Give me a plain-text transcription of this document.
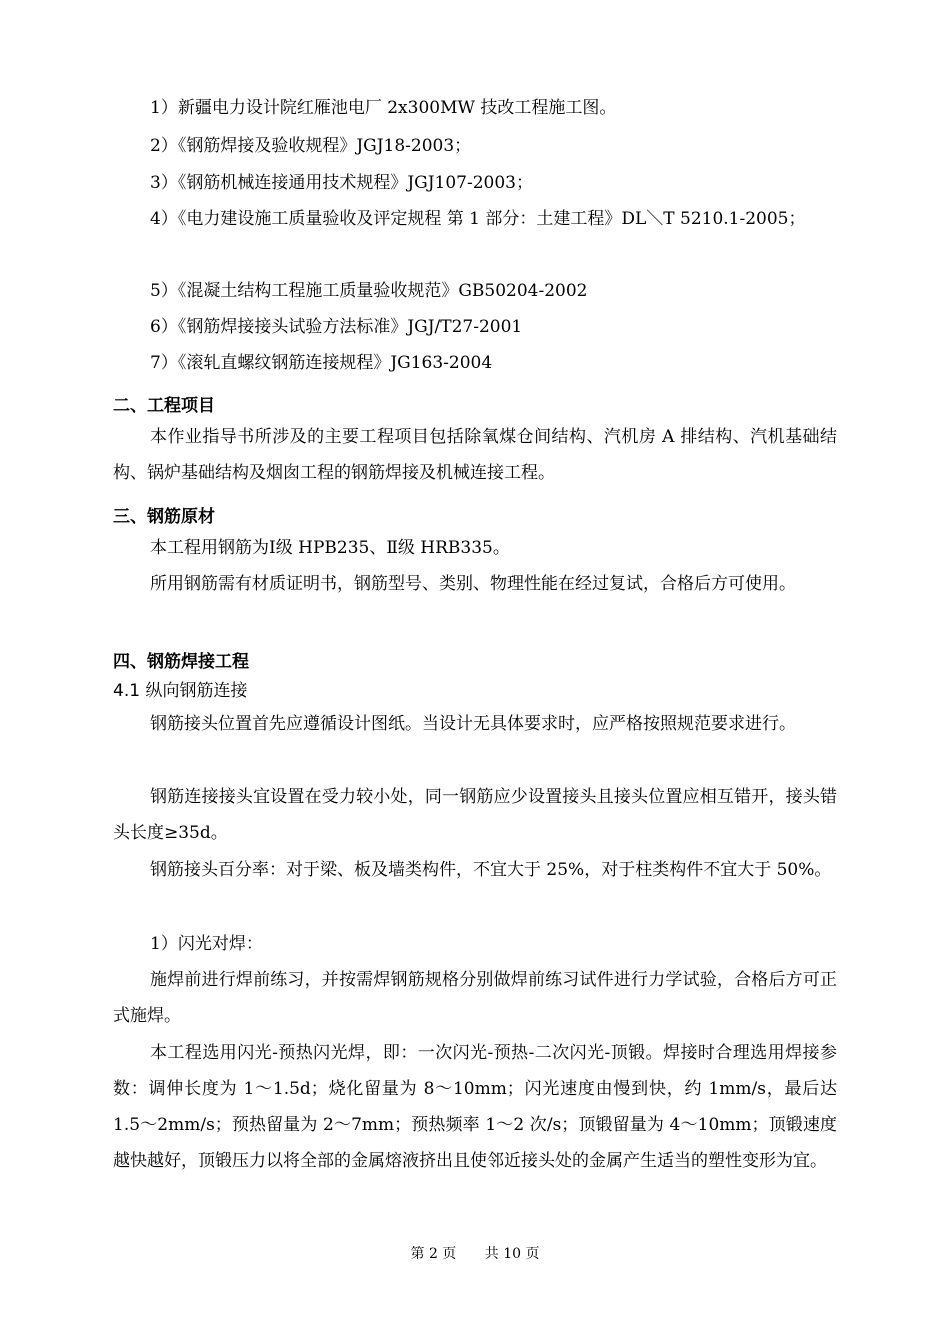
1）新疆电力设计院红雁池电厂 2x300MW 技改工程施工图。

2）《钢筋焊接及验收规程》JGJ18-2003；

3）《钢筋机械连接通用技术规程》JGJ107-2003；

4）《电力建设施工质量验收及评定规程 第 1 部分：土建工程》DL＼T 5210.1-2005；

5）《混凝土结构工程施工质量验收规范》GB50204-2002

6）《钢筋焊接接头试验方法标准》JGJ/T27-2001

7）《滚轧直螺纹钢筋连接规程》JG163-2004

二、工程项目

本作业指导书所涉及的主要工程项目包括除氧煤仓间结构、汽机房 A 排结构、汽机基础结构、锅炉基础结构及烟囱工程的钢筋焊接及机械连接工程。

三、钢筋原材

本工程用钢筋为Ⅰ级 HPB235、Ⅱ级 HRB335。

所用钢筋需有材质证明书，钢筋型号、类别、物理性能在经过复试，合格后方可使用。

四、钢筋焊接工程

4.1 纵向钢筋连接

钢筋接头位置首先应遵循设计图纸。当设计无具体要求时，应严格按照规范要求进行。

钢筋连接接头宜设置在受力较小处，同一钢筋应少设置接头且接头位置应相互错开，接头错头长度≥35d。

钢筋接头百分率：对于梁、板及墙类构件，不宜大于 25%，对于柱类构件不宜大于 50%。

1）闪光对焊：

施焊前进行焊前练习，并按需焊钢筋规格分别做焊前练习试件进行力学试验，合格后方可正式施焊。

本工程选用闪光-预热闪光焊，即：一次闪光-预热-二次闪光-顶锻。焊接时合理选用焊接参数：调伸长度为 1～1.5d；烧化留量为 8～10mm；闪光速度由慢到快，约 1mm/s，最后达 1.5～2mm/s；预热留量为 2～7mm；预热频率 1～2 次/s；顶锻留量为 4～10mm；顶锻速度越快越好，顶锻压力以将全部的金属熔液挤出且使邻近接头处的金属产生适当的塑性变形为宜。

第 2 页 共 10 页
